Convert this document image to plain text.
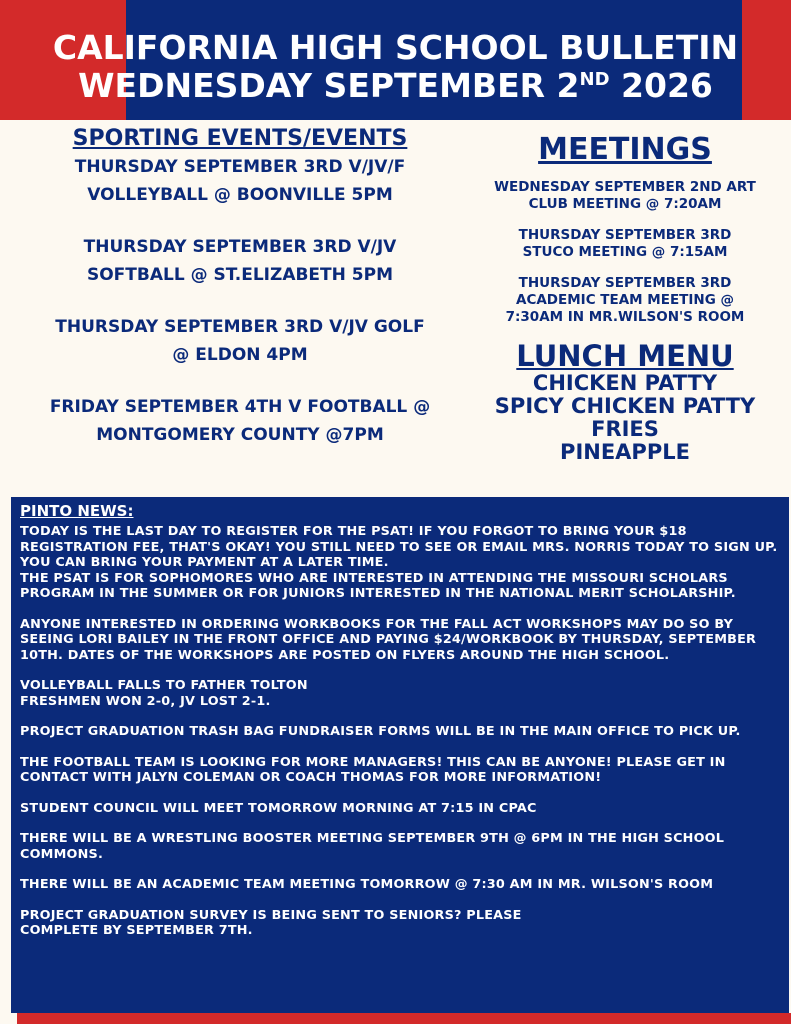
CALIFORNIA HIGH SCHOOL BULLETIN
WEDNESDAY SEPTEMBER 2ND 2026
SPORTING EVENTS/EVENTS
THURSDAY SEPTEMBER 3RD V/JV/F
VOLLEYBALL @ BOONVILLE 5PM
THURSDAY SEPTEMBER 3RD V/JV
SOFTBALL @ ST.ELIZABETH 5PM
THURSDAY SEPTEMBER 3RD V/JV GOLF
@ ELDON 4PM
FRIDAY SEPTEMBER 4TH V FOOTBALL @
MONTGOMERY COUNTY @7PM
MEETINGS
WEDNESDAY SEPTEMBER 2ND ART
CLUB MEETING @ 7:20AM
THURSDAY SEPTEMBER 3RD
STUCO MEETING @ 7:15AM
THURSDAY SEPTEMBER 3RD
ACADEMIC TEAM MEETING @
7:30AM IN MR.WILSON'S ROOM
LUNCH MENU
CHICKEN PATTY
SPICY CHICKEN PATTY
FRIES
PINEAPPLE
PINTO NEWS:

TODAY IS THE LAST DAY TO REGISTER FOR THE PSAT! IF YOU FORGOT TO BRING YOUR $18 REGISTRATION FEE, THAT'S OKAY! YOU STILL NEED TO SEE OR EMAIL MRS. NORRIS TODAY TO SIGN UP. YOU CAN BRING YOUR PAYMENT AT A LATER TIME.

THE PSAT IS FOR SOPHOMORES WHO ARE INTERESTED IN ATTENDING THE MISSOURI SCHOLARS PROGRAM IN THE SUMMER OR FOR JUNIORS INTERESTED IN THE NATIONAL MERIT SCHOLARSHIP.

ANYONE INTERESTED IN ORDERING WORKBOOKS FOR THE FALL ACT WORKSHOPS MAY DO SO BY SEEING LORI BAILEY IN THE FRONT OFFICE AND PAYING $24/WORKBOOK BY THURSDAY, SEPTEMBER 10TH. DATES OF THE WORKSHOPS ARE POSTED ON FLYERS AROUND THE HIGH SCHOOL.

VOLLEYBALL FALLS TO FATHER TOLTON

FRESHMEN WON 2-0, JV LOST 2-1.

PROJECT GRADUATION TRASH BAG FUNDRAISER FORMS WILL BE IN THE MAIN OFFICE TO PICK UP.

THE FOOTBALL TEAM IS LOOKING FOR MORE MANAGERS! THIS CAN BE ANYONE! PLEASE GET IN CONTACT WITH JALYN COLEMAN OR COACH THOMAS FOR MORE INFORMATION!

STUDENT COUNCIL WILL MEET TOMORROW MORNING AT 7:15 IN CPAC

THERE WILL BE A WRESTLING BOOSTER MEETING SEPTEMBER 9TH @ 6PM IN THE HIGH SCHOOL COMMONS.

THERE WILL BE AN ACADEMIC TEAM MEETING TOMORROW @ 7:30 AM IN MR. WILSON'S ROOM

PROJECT GRADUATION SURVEY IS BEING SENT TO SENIORS? PLEASE

COMPLETE BY SEPTEMBER 7TH.
